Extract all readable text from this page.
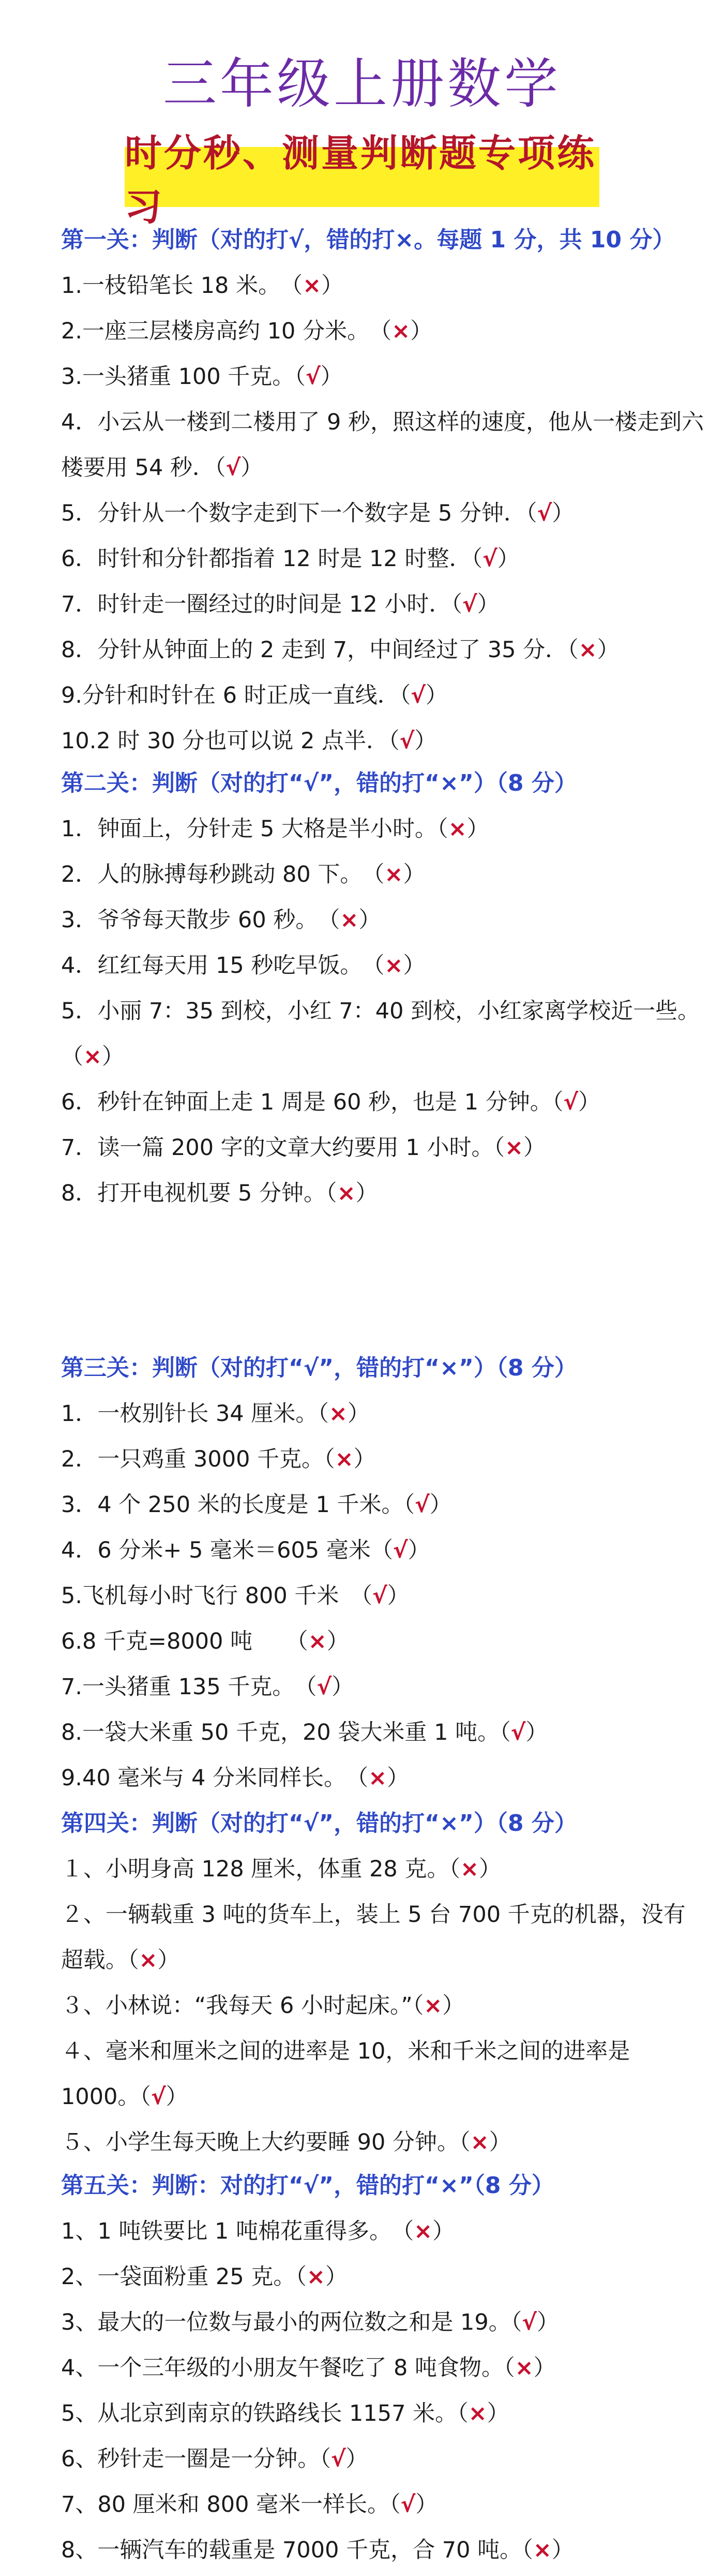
三年级上册数学
时分秒、测量判断题专项练习
第一关：判断（对的打√，错的打×。每题 1 分，共 10 分）
1.一枝铅笔长 18 米。　（×）
2.一座三层楼房高约 10 分米。　（×）
3.一头猪重 100 千克。（√）
4．小云从一楼到二楼用了 9 秒，照这样的速度，他从一楼走到六楼要用 54 秒．（√）
5．分针从一个数字走到下一个数字是 5 分钟．（√）
6．时针和分针都指着 12 时是 12 时整．（√）
7．时针走一圈经过的时间是 12 小时．（√）
8．分针从钟面上的 2 走到 7，中间经过了 35 分．（×）
9.分针和时针在 6 时正成一直线．（√）
10.2 时 30 分也可以说 2 点半．（√）
第二关：判断（对的打“√”，错的打“×”）（8 分）
1．钟面上，分针走 5 大格是半小时。（×）
2．人的脉搏每秒跳动 80 下。　（×）
3．爷爷每天散步 60 秒。　（×）
4．红红每天用 15 秒吃早饭。　（×）
5．小丽 7：35 到校，小红 7：40 到校，小红家离学校近一些。（×）
6．秒针在钟面上走 1 周是 60 秒，也是 1 分钟。（√）
7．读一篇 200 字的文章大约要用 1 小时。（×）
8．打开电视机要 5 分钟。（×）
第三关：判断（对的打“√”，错的打“×”）（8 分）
1．一枚别针长 34 厘米。（×）
2．一只鸡重 3000 千克。（×）
3．4 个 250 米的长度是 1 千米。（√）
4．6 分米+ 5 毫米＝605 毫米（√）
5.飞机每小时飞行 800 千米　（√）
6.8 千克=8000 吨　　（×）
7.一头猪重 135 千克。　（√）
8.一袋大米重 50 千克，20 袋大米重 1 吨。（√）
9.40 毫米与 4 分米同样长。　（×）
第四关：判断（对的打“√”，错的打“×”）（8 分）
１、小明身高 128 厘米，体重 28 克。（×）
２、一辆载重 3 吨的货车上，装上 5 台 700 千克的机器，没有超载。（×）
３、小林说：“我每天 6 小时起床。”（×）
４、毫米和厘米之间的进率是 10，米和千米之间的进率是 1000。（√）
５、小学生每天晚上大约要睡 90 分钟。（×）
第五关：判断：对的打“√”，错的打“×”（8 分）
1、1 吨铁要比 1 吨棉花重得多。　（×）
2、一袋面粉重 25 克。（×）
3、最大的一位数与最小的两位数之和是 19。（√）
4、一个三年级的小朋友午餐吃了 8 吨食物。（×）
5、从北京到南京的铁路线长 1157 米。（×）
6、秒针走一圈是一分钟。（√）
7、80 厘米和 800 毫米一样长。（√）
8、一辆汽车的载重是 7000 千克，合 70 吨。（×）
